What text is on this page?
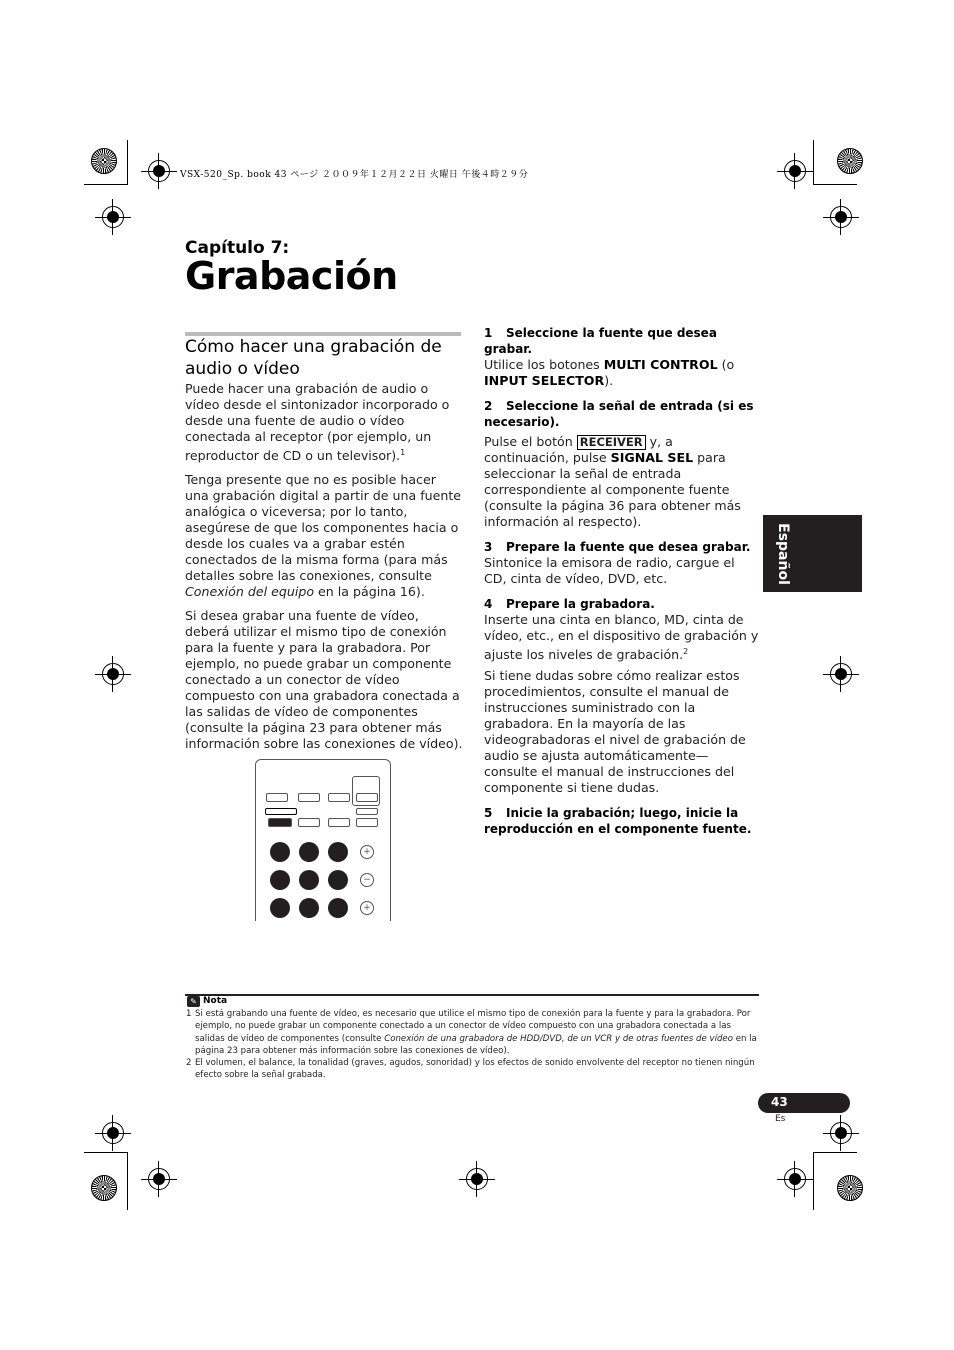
VSX-520_Sp. book 43 ページ ２００９年１２月２２日 火曜日 午後４時２９分
Capítulo 7:
Grabación
Cómo hacer una grabación de audio o vídeo

Puede hacer una grabación de audio o vídeo desde el sintonizador incorporado o desde una fuente de audio o vídeo conectada al receptor (por ejemplo, un reproductor de CD o un televisor).$^1$

Tenga presente que no es posible hacer una grabación digital a partir de una fuente analógica o viceversa; por lo tanto, asegúrese de que los componentes hacia o desde los cuales va a grabar estén conectados de la misma forma (para más detalles sobre las conexiones, consulte Conexión del equipo en la página 16).

Si desea grabar una fuente de vídeo, deberá utilizar el mismo tipo de conexión para la fuente y para la grabadora. Por ejemplo, no puede grabar un componente conectado a un conector de vídeo compuesto con una grabadora conectada a las salidas de vídeo de componentes (consulte la página 23 para obtener más información sobre las conexiones de vídeo).

+
−
+
1 Seleccione la fuente que desea grabar.
Utilice los botones MULTI CONTROL (o INPUT SELECTOR).
2 Seleccione la señal de entrada (si es necesario).
Pulse el botón RECEIVER y, a continuación, pulse SIGNAL SEL para seleccionar la señal de entrada correspondiente al componente fuente (consulte la página 36 para obtener más información al respecto).
3 Prepare la fuente que desea grabar.
Sintonice la emisora de radio, cargue el CD, cinta de vídeo, DVD, etc.
4 Prepare la grabadora.
Inserte una cinta en blanco, MD, cinta de vídeo, etc., en el dispositivo de grabación y ajuste los niveles de grabación.$^2$
Si tiene dudas sobre cómo realizar estos procedimientos, consulte el manual de instrucciones suministrado con la grabadora. En la mayoría de las videograbadoras el nivel de grabación de audio se ajusta automáticamente—consulte el manual de instrucciones del componente si tiene dudas.
5	Inicie la grabación; luego, inicie la reproducción en el componente fuente.
Español
✎ Nota
1 Si está grabando una fuente de vídeo, es necesario que utilice el mismo tipo de conexión para la fuente y para la grabadora. Por ejemplo, no puede grabar un componente conectado a un conector de vídeo compuesto con una grabadora conectada a las salidas de vídeo de componentes (consulte Conexión de una grabadora de HDD/DVD, de un VCR y de otras fuentes de vídeo en la página 23 para obtener más información sobre las conexiones de vídeo).
2 El volumen, el balance, la tonalidad (graves, agudos, sonoridad) y los efectos de sonido envolvente del receptor no tienen ningún efecto sobre la señal grabada.
43
Es
